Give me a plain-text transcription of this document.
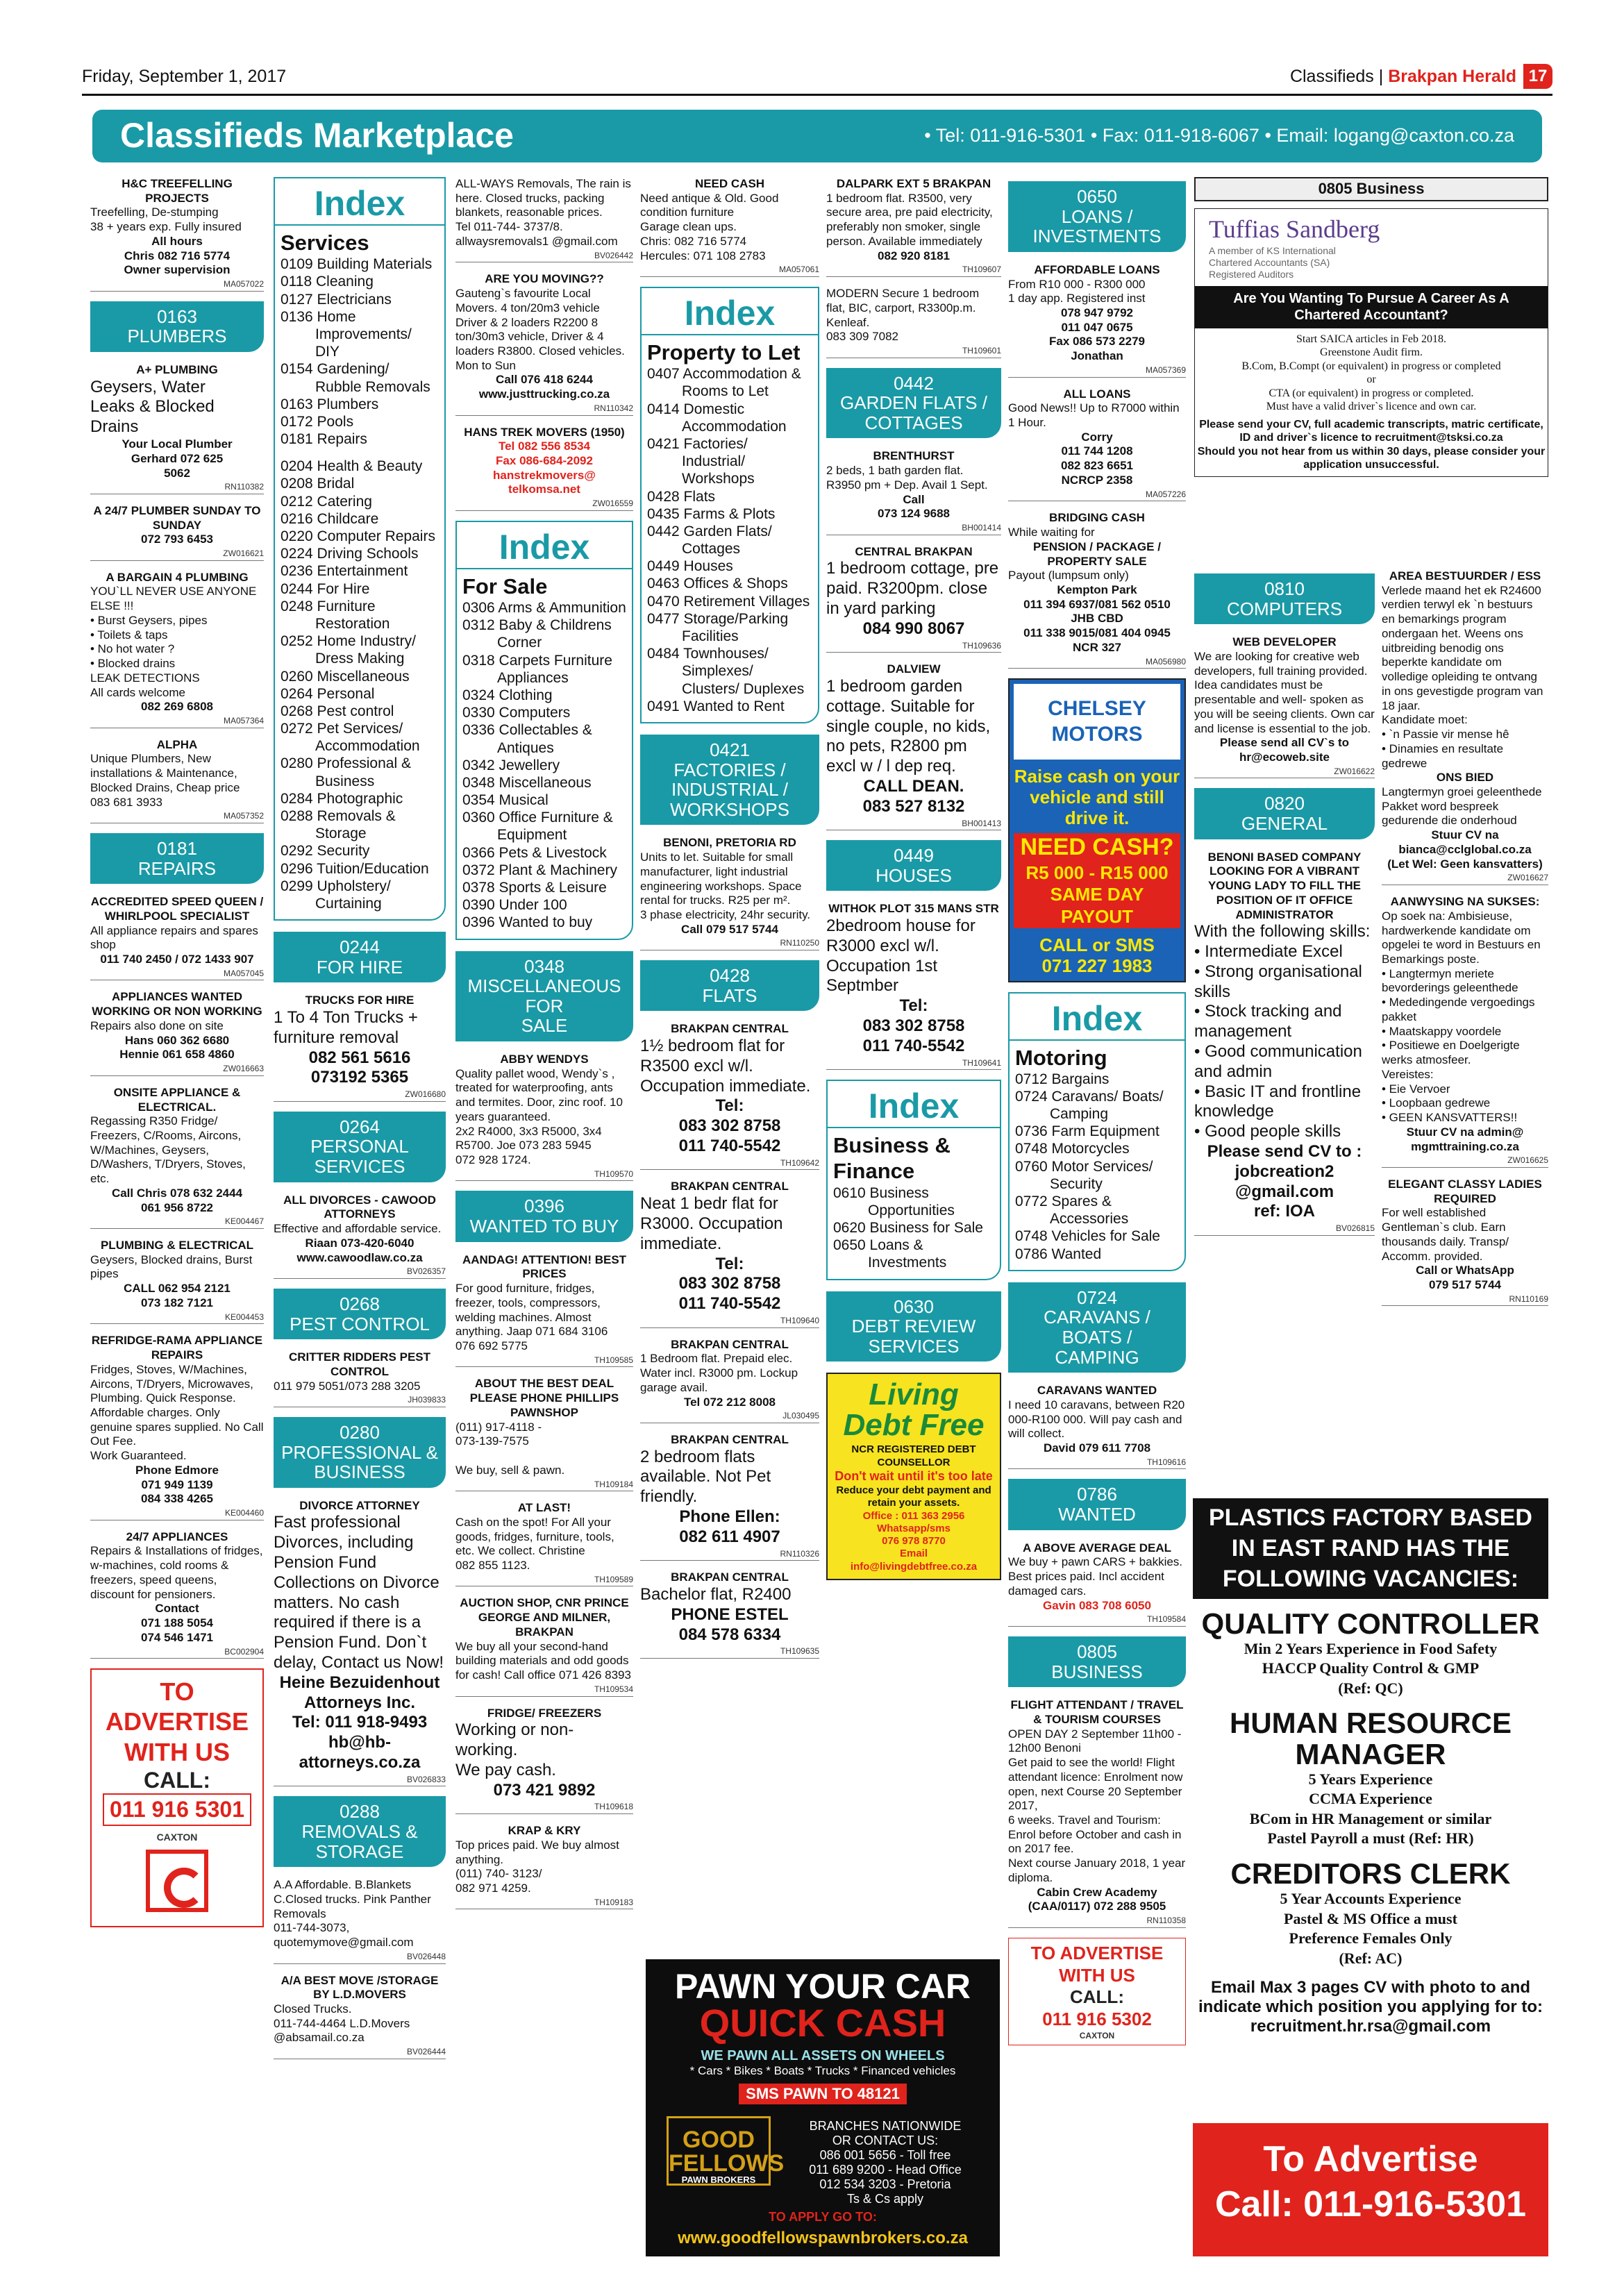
Friday, September 1, 2017	Classifieds | Brakpan Herald 17
Classifieds Marketplace	• Tel: 011-916-5301 • Fax: 011-918-6067 • Email: logang@caxton.co.za
H&C TREEFELLING PROJECTS
Treefelling, De-stumping
38 + years exp. Fully insured
All hours
Chris 082 716 5774
Owner supervision
MA057022
0163
PLUMBERS
A+ PLUMBING
Geysers, Water
Leaks & Blocked
Drains
Your Local Plumber
Gerhard 072 625
5062
RN110382
A 24/7 PLUMBER SUNDAY TO SUNDAY
072 793 6453
ZW016621
A BARGAIN 4 PLUMBING
YOU`LL NEVER USE ANYONE ELSE !!!
• Burst Geysers, pipes
• Toilets & taps
• No hot water ?
• Blocked drains
LEAK DETECTIONS
All cards welcome
082 269 6808
MA057364
ALPHA
Unique Plumbers, New installations & Maintenance, Blocked Drains, Cheap price
083 681 3933
MA057352
0181
REPAIRS
ACCREDITED SPEED QUEEN / WHIRLPOOL SPECIALIST
All appliance repairs and spares shop
011 740 2450 / 072 1433 907
MA057045
APPLIANCES WANTED WORKING OR NON WORKING
Repairs also done on site
Hans 060 362 6680
Hennie 061 658 4860
ZW016663
ONSITE APPLIANCE & ELECTRICAL.
Regassing R350 Fridge/ Freezers, C/Rooms, Aircons, W/Machines, Geysers, D/Washers, T/Dryers, Stoves, etc.
Call Chris 078 632 2444
061 956 8722
KE004467
PLUMBING & ELECTRICAL
Geysers, Blocked drains, Burst pipes
CALL 062 954 2121
073 182 7121
KE004453
REFRIDGE-RAMA APPLIANCE REPAIRS
Fridges, Stoves, W/Machines, Aircons, T/Dryers, Microwaves, Plumbing. Quick Response. Affordable charges. Only genuine spares supplied. No Call Out Fee.
Work Guaranteed.
Phone Edmore
071 949 1139
084 338 4265
KE004460
24/7 APPLIANCES
Repairs & Installations of fridges, w-machines, cold rooms & freezers, speed queens, discount for pensioners.
Contact
071 188 5054
074 546 1471
BC002904
TO ADVERTISE WITH US
CALL:
011 916 5301
CAXTON
Index
Services
0109 Building Materials
0118 Cleaning
0127 Electricians
0136 Home Improvements/ DIY
0154 Gardening/ Rubble Removals
0163 Plumbers
0172 Pools
0181 Repairs
0204 Health & Beauty
0208 Bridal
0212 Catering
0216 Childcare
0220 Computer Repairs
0224 Driving Schools
0236 Entertainment
0244 For Hire
0248 Furniture Restoration
0252 Home Industry/ Dress Making
0260 Miscellaneous
0264 Personal
0268 Pest control
0272 Pet Services/ Accommodation
0280 Professional & Business
0284 Photographic
0288 Removals & Storage
0292 Security
0296 Tuition/Education
0299 Upholstery/ Curtaining
0244
FOR HIRE
TRUCKS FOR HIRE
1 To 4 Ton Trucks + furniture removal
082 561 5616
073192 5365
ZW016680
0264
PERSONAL SERVICES
ALL DIVORCES - CAWOOD ATTORNEYS
Effective and affordable service.
Riaan 073-420-6040
www.cawoodlaw.co.za
BV026357
0268
PEST CONTROL
CRITTER RIDDERS PEST CONTROL
011 979 5051/073 288 3205
JH039833
0280
PROFESSIONAL &
BUSINESS
DIVORCE ATTORNEY
Fast professional Divorces, including Pension Fund Collections on Divorce matters. No cash required if there is a Pension Fund. Don`t delay, Contact us Now!
Heine Bezuidenhout Attorneys Inc.
Tel: 011 918-9493
hb@hb-attorneys.co.za
BV026833
0288
REMOVALS &
STORAGE
A.A Affordable. B.Blankets C.Closed trucks. Pink Panther Removals
011-744-3073, quotemymove@gmail.com
BV026448
A/A BEST MOVE /STORAGE BY L.D.MOVERS
Closed Trucks.
011-744-4464 L.D.Movers @absamail.co.za
BV026444
ALL-WAYS Removals, The rain is here. Closed trucks, packing blankets, reasonable prices.
Tel 011-744- 3737/8.
allwaysremovals1 @gmail.com
BV026442
ARE YOU MOVING??
Gauteng`s favourite Local Movers. 4 ton/20m3 vehicle Driver & 2 loaders R2200 8 ton/30m3 vehicle, Driver & 4 loaders R3800. Closed vehicles. Mon to Sun
Call 076 418 6244
www.justtrucking.co.za
RN110342
HANS TREK MOVERS (1950)
Tel 082 556 8534
Fax 086-684-2092
hanstrekmovers@ telkomsa.net
ZW016559
Index
For Sale
0306 Arms & Ammunition
0312 Baby & Childrens Corner
0318 Carpets Furniture Appliances
0324 Clothing
0330 Computers
0336 Collectables & Antiques
0342 Jewellery
0348 Miscellaneous
0354 Musical
0360 Office Furniture & Equipment
0366 Pets & Livestock
0372 Plant & Machinery
0378 Sports & Leisure
0390 Under 100
0396 Wanted to buy
0348
MISCELLANEOUS FOR
SALE
ABBY WENDYS
Quality pallet wood, Wendy`s , treated for waterproofing, ants and termites. Door, zinc roof. 10 years guaranteed.
2x2 R4000, 3x3 R5000, 3x4 R5700. Joe 073 283 5945
072 928 1724.
TH109570
0396
WANTED TO BUY
AANDAG! ATTENTION! BEST PRICES
For good furniture, fridges, freezer, tools, compressors, welding machines. Almost anything. Jaap 071 684 3106
076 692 5775
TH109585
ABOUT THE BEST DEAL PLEASE PHONE PHILLIPS PAWNSHOP
(011) 917-4118 -
073-139-7575

We buy, sell & pawn.
TH109184
AT LAST!
Cash on the spot! For All your goods, fridges, furniture, tools, etc. We collect. Christine
082 855 1123.
TH109589
AUCTION SHOP, CNR PRINCE GEORGE AND MILNER, BRAKPAN
We buy all your second-hand building materials and odd goods for cash! Call office 071 426 8393
TH109534
FRIDGE/ FREEZERS
Working or non-working.
We pay cash.
073 421 9892
TH109618
KRAP & KRY
Top prices paid. We buy almost anything.
(011) 740- 3123/
082 971 4259.
TH109183
NEED CASH
Need antique & Old. Good condition furniture
Garage clean ups.
Chris: 082 716 5774
Hercules: 071 108 2783
MA057061
Index
Property to Let
0407 Accommodation & Rooms to Let
0414 Domestic Accommodation
0421 Factories/ Industrial/ Workshops
0428 Flats
0435 Farms & Plots
0442 Garden Flats/ Cottages
0449 Houses
0463 Offices & Shops
0470 Retirement Villages
0477 Storage/Parking Facilities
0484 Townhouses/ Simplexes/ Clusters/ Duplexes
0491 Wanted to Rent
0421
FACTORIES /
INDUSTRIAL /
WORKSHOPS
BENONI, PRETORIA RD
Units to let. Suitable for small manufacturer, light industrial engineering workshops. Space rental for trucks. R25 per m².
3 phase electricity, 24hr security.
Call 079 517 5744
RN110250
0428
FLATS
BRAKPAN CENTRAL
1½ bedroom flat for R3500 excl w/l. Occupation immediate.
Tel:
083 302 8758
011 740-5542
TH109642
BRAKPAN CENTRAL
Neat 1 bedr flat for R3000. Occupation immediate.
Tel:
083 302 8758
011 740-5542
TH109640
BRAKPAN CENTRAL
1 Bedroom flat. Prepaid elec. Water incl. R3000 pm. Lockup garage avail.
Tel 072 212 8008
JL030495
BRAKPAN CENTRAL
2 bedroom flats available. Not Pet friendly.
Phone Ellen:
082 611 4907
RN110326
BRAKPAN CENTRAL
Bachelor flat, R2400
PHONE ESTEL
084 578 6334
TH109635
DALPARK EXT 5 BRAKPAN
1 bedroom flat. R3500, very secure area, pre paid electricity, preferably non smoker, single person. Available immediately
082 920 8181
TH109607
MODERN Secure 1 bedroom flat, BIC, carport, R3300p.m. Kenleaf.
083 309 7082
TH109601
0442
GARDEN FLATS /
COTTAGES
BRENTHURST
2 beds, 1 bath garden flat. R3950 pm + Dep. Avail 1 Sept.
Call
073 124 9688
BH001414
CENTRAL BRAKPAN
1 bedroom cottage, pre paid. R3200pm. close in yard parking
084 990 8067
TH109636
DALVIEW
1 bedroom garden cottage. Suitable for single couple, no kids, no pets, R2800 pm excl w / l dep req.
CALL DEAN.
083 527 8132
BH001413
0449
HOUSES
WITHOK PLOT 315 MANS STR
2bedroom house for R3000 excl w/l. Occupation 1st Septmber
Tel:
083 302 8758
011 740-5542
TH109641
Index
Business & Finance
0610 Business Opportunities
0620 Business for Sale
0650 Loans & Investments
0630
DEBT REVIEW
SERVICES
Living Debt Free
NCR REGISTERED DEBT COUNSELLOR
Don't wait until it's too late
Reduce your debt payment and retain your assets.
Office : 011 363 2956
Whatsapp/sms
076 978 8770
Email
info@livingdebtfree.co.za
PAWN YOUR CAR
QUICK CASH
WE PAWN ALL ASSETS ON WHEELS
* Cars * Bikes * Boats * Trucks * Financed vehicles
SMS PAWN TO 48121
GOOD FELLOWS
PAWN BROKERS
BRANCHES NATIONWIDE
OR CONTACT US:
086 001 5656 - Toll free
011 689 9200 - Head Office
012 534 3203 - Pretoria
Ts & Cs apply
TO APPLY GO TO:
www.goodfellowspawnbrokers.co.za
0650
LOANS /
INVESTMENTS
AFFORDABLE LOANS
From R10 000 - R300 000
1 day app. Registered inst
078 947 9792
011 047 0675
Fax 086 573 2279
Jonathan
MA057369
ALL LOANS
Good News!! Up to R7000 within 1 Hour.
Corry
011 744 1208
082 823 6651
NCRCP 2358
MA057226
BRIDGING CASH
While waiting for
PENSION / PACKAGE / PROPERTY SALE
Payout (lumpsum only)
Kempton Park
011 394 6937/081 562 0510
JHB CBD
011 338 9015/081 404 0945
NCR 327
MA056980
CHELSEY MOTORS
Raise cash on your vehicle and still drive it.
NEED CASH?
R5 000 - R15 000
SAME DAY PAYOUT
CALL or SMS
071 227 1983
Index
Motoring
0712 Bargains
0724 Caravans/ Boats/ Camping
0736 Farm Equipment
0748 Motorcycles
0760 Motor Services/ Security
0772 Spares & Accessories
0748 Vehicles for Sale
0786 Wanted
0724
CARAVANS / BOATS /
CAMPING
CARAVANS WANTED
I need 10 caravans, between R20 000-R100 000. Will pay cash and will collect.
David 079 611 7708
TH109616
0786
WANTED
A ABOVE AVERAGE DEAL
We buy + pawn CARS + bakkies. Best prices paid. Incl accident damaged cars.
Gavin 083 708 6050
TH109584
0805
BUSINESS
FLIGHT ATTENDANT / TRAVEL & TOURISM COURSES
OPEN DAY 2 September 11h00 - 12h00 Benoni
Get paid to see the world! Flight attendant licence: Enrolment now open, next Course 20 September 2017,
6 weeks. Travel and Tourism: Enrol before October and cash in on 2017 fee.
Next course January 2018, 1 year diploma.
Cabin Crew Academy (CAA/0117) 072 288 9505
RN110358
TO ADVERTISE WITH US
CALL:
011 916 5302
CAXTON
0805 Business
Tuffias Sandberg
A member of KS International
Chartered Accountants (SA)
Registered Auditors
Are You Wanting To Pursue A Career As A Chartered Accountant?
Start SAICA articles in Feb 2018.
Greenstone Audit firm.
B.Com, B.Compt (or equivalent) in progress or completed
or
CTA (or equivalent) in progress or completed.
Must have a valid driver`s licence and own car.
Please send your CV, full academic transcripts, matric certificate, ID and driver`s licence to recruitment@tsksi.co.za
Should you not hear from us within 30 days, please consider your application unsuccessful.
0810
COMPUTERS
WEB DEVELOPER
We are looking for creative web developers, full training provided. Idea candidates must be presentable and well- spoken as you will be seeing clients. Own car and license is essential to the job.
Please send all CV`s to hr@ecoweb.site
ZW016622
0820
GENERAL
BENONI BASED COMPANY LOOKING FOR A VIBRANT YOUNG LADY TO FILL THE POSITION OF IT OFFICE ADMINISTRATOR
With the following skills:
• Intermediate Excel
• Strong organisational skills
• Stock tracking and management
• Good communication and admin
• Basic IT and frontline knowledge
• Good people skills
Please send CV to :
jobcreation2 @gmail.com
ref: IOA
BV026815
AREA BESTUURDER / ESS
Verlede maand het ek R24600 verdien terwyl ek `n bestuurs en bemarkings program ondergaan het. Weens ons uitbreiding benodig ons beperkte kandidate om volledige opleiding te ontvang in ons gevestigde program van 18 jaar.
Kandidate moet:
• `n Passie vir mense hê
• Dinamies en resultate gedrewe
ONS BIED
Langtermyn groei geleenthede
Pakket word bespreek gedurende die onderhoud
Stuur CV na bianca@cclglobal.co.za
(Let Wel: Geen kansvatters)
ZW016627
AANWYSING NA SUKSES:
Op soek na: Ambisieuse, hardwerkende kandidate om opgelei te word in Bestuurs en Bemarkings poste.
• Langtermyn meriete bevorderings geleenthede
• Mededingende vergoedings pakket
• Maatskappy voordele
• Positiewe en Doelgerigte werks atmosfeer.
Vereistes:
• Eie Vervoer
• Loopbaan gedrewe
• GEEN KANSVATTERS!!
Stuur CV na admin@ mgmttraining.co.za
ZW016625
ELEGANT CLASSY LADIES REQUIRED
For well established Gentleman`s club. Earn thousands daily. Transp/ Accomm. provided.
Call or WhatsApp
079 517 5744
RN110169
PLASTICS FACTORY BASED IN EAST RAND HAS THE FOLLOWING VACANCIES:
QUALITY CONTROLLER
Min 2 Years Experience in Food Safety
HACCP Quality Control & GMP
(Ref: QC)
HUMAN RESOURCE MANAGER
5 Years Experience
CCMA Experience
BCom in HR Management or similar
Pastel Payroll a must (Ref: HR)
CREDITORS CLERK
5 Year Accounts Experience
Pastel & MS Office a must
Preference Females Only
(Ref: AC)
Email Max 3 pages CV with photo to and indicate which position you applying for to:
recruitment.hr.rsa@gmail.com
To Advertise
Call: 011-916-5301
